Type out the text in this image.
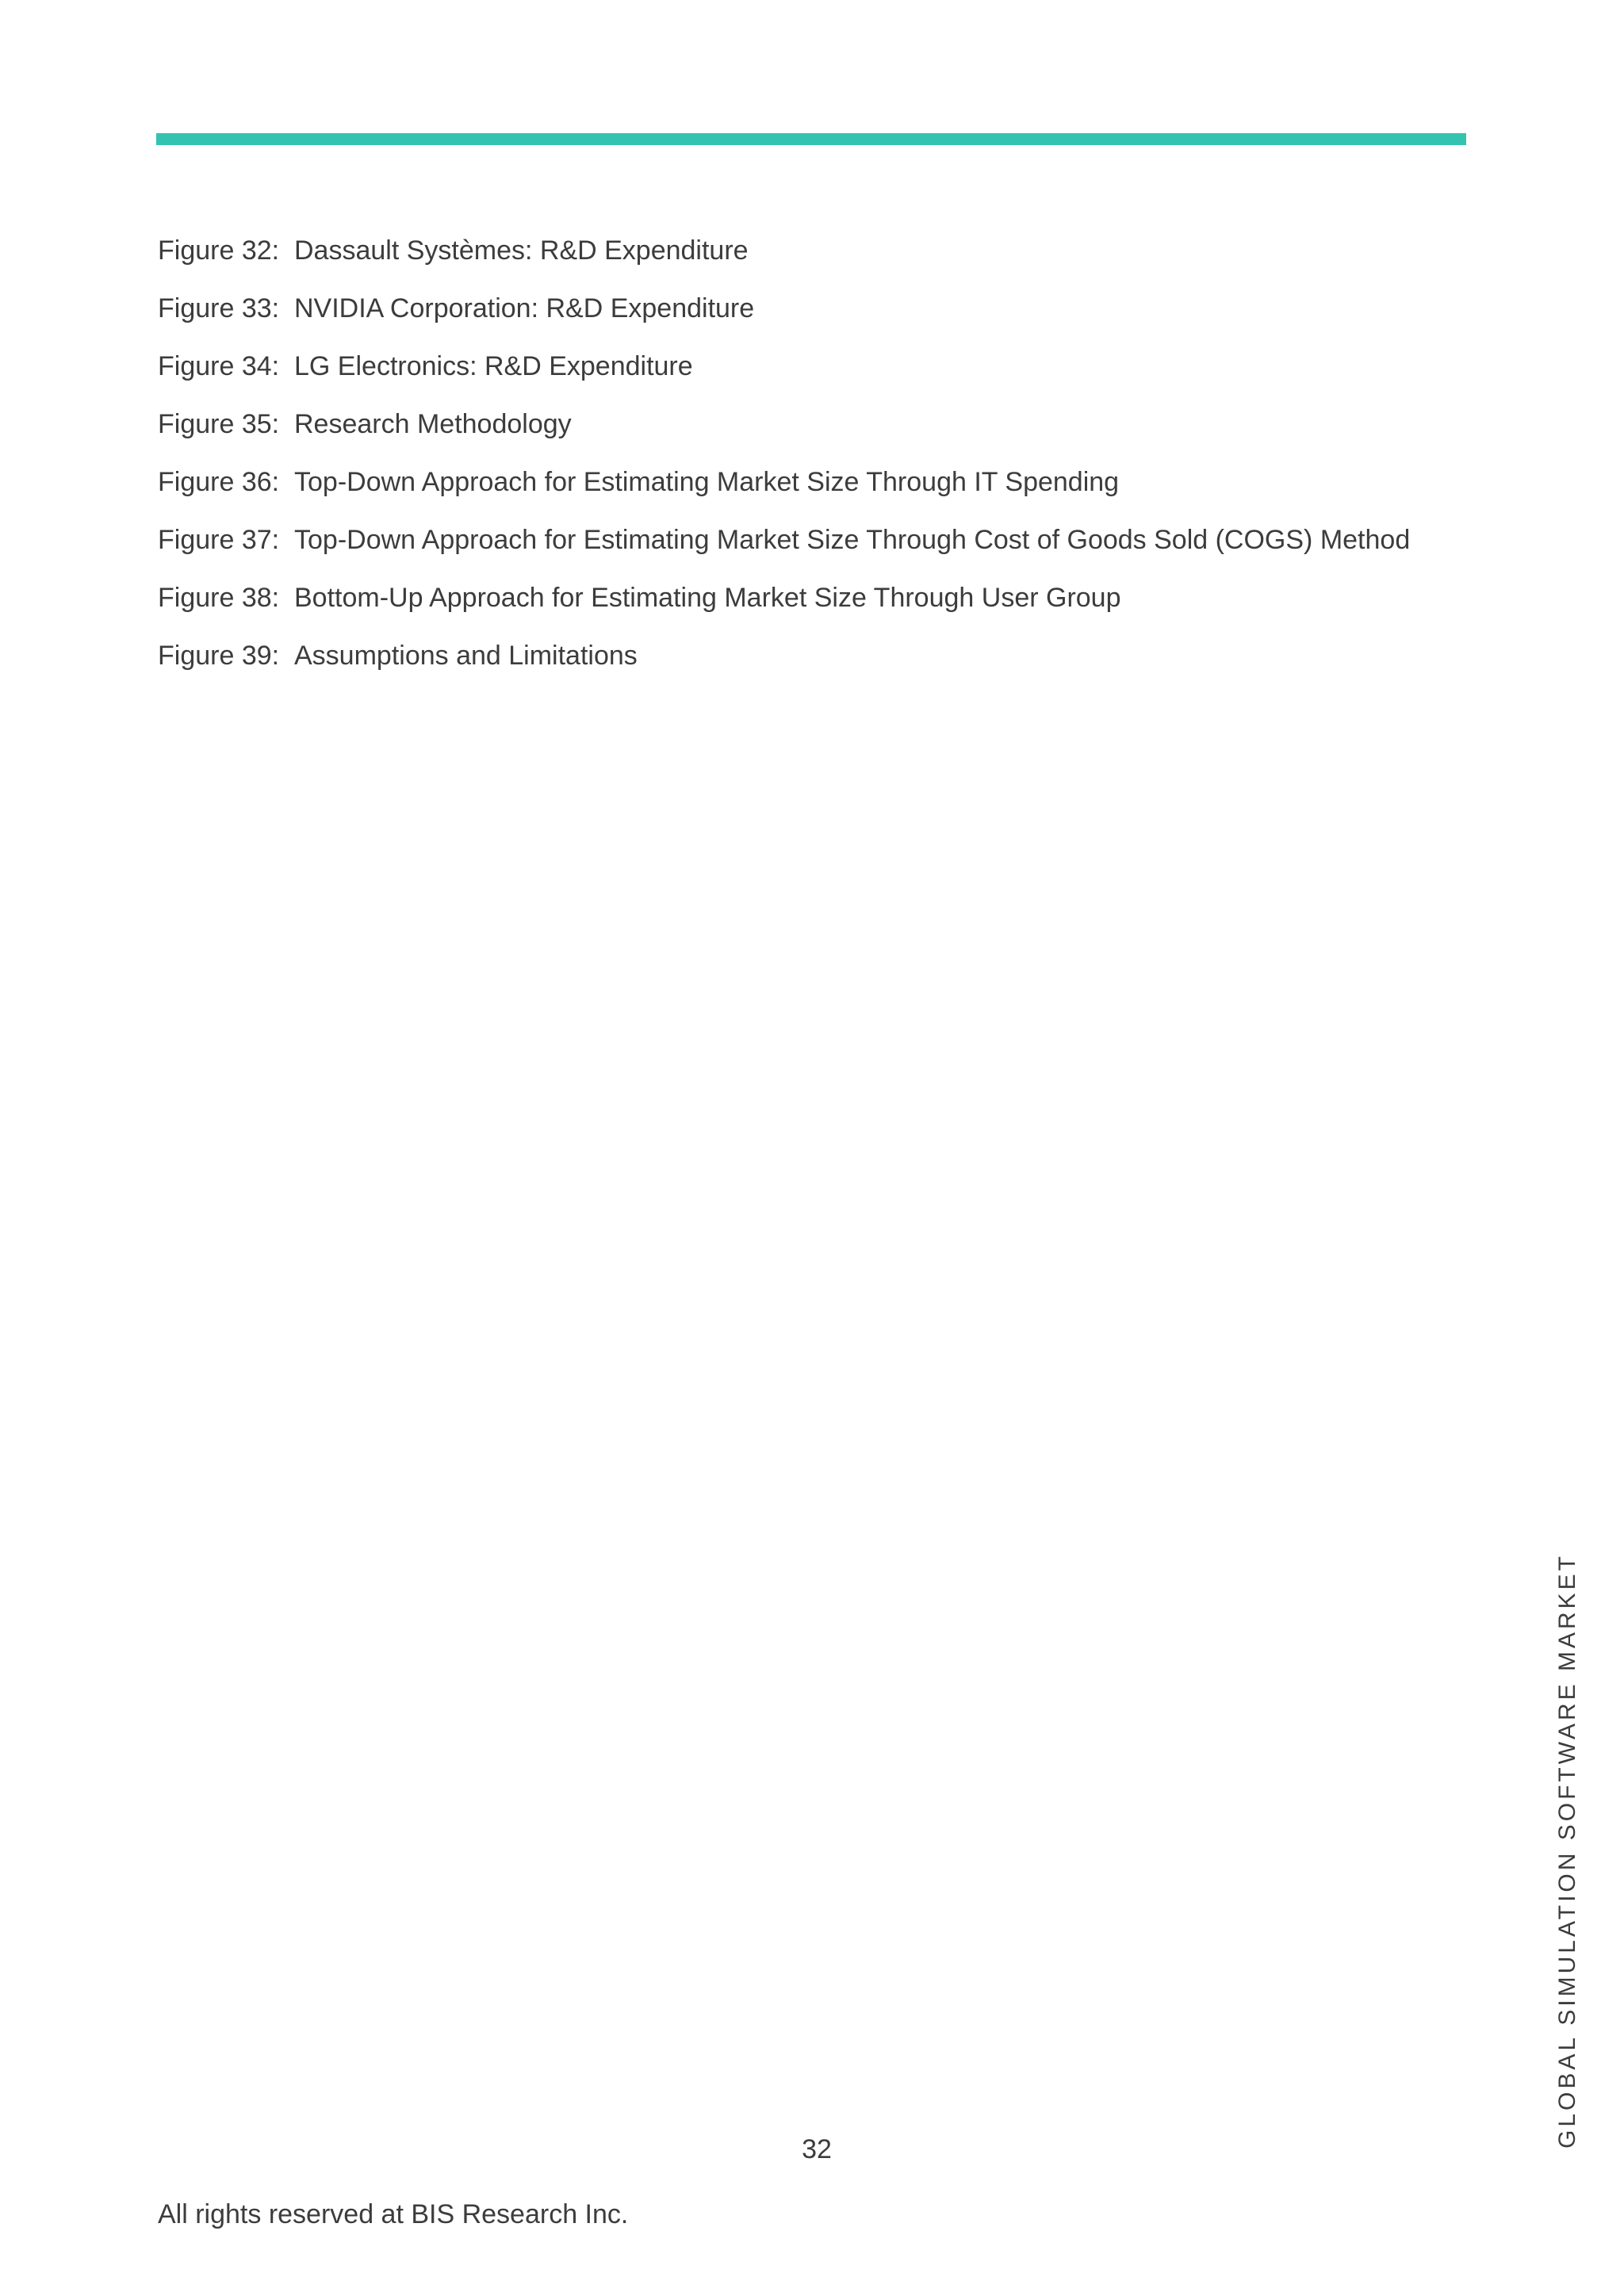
Figure 32: Dassault Systèmes: R&D Expenditure
Figure 33: NVIDIA Corporation: R&D Expenditure
Figure 34: LG Electronics: R&D Expenditure
Figure 35: Research Methodology
Figure 36: Top-Down Approach for Estimating Market Size Through IT Spending
Figure 37: Top-Down Approach for Estimating Market Size Through Cost of Goods Sold (COGS) Method
Figure 38: Bottom-Up Approach for Estimating Market Size Through User Group
Figure 39: Assumptions and Limitations
GLOBAL SIMULATION SOFTWARE MARKET
32
All rights reserved at BIS Research Inc.
